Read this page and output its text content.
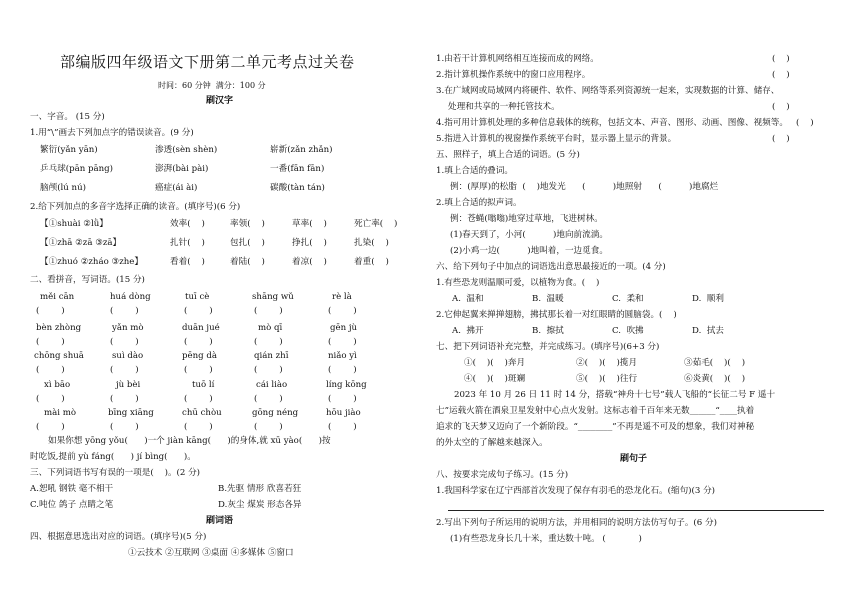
部编版四年级语文下册第二单元考点过关卷
时间：60 分钟  满分：100 分
刷汉字
一、字音。 (15 分)
1.用“\”画去下列加点字的错误读音。(9 分)
繁衍(yǎn yān)	渗透(sèn shèn)	崭新(zǎn zhǎn)
乒乓球(pān pāng)	澎湃(bài pài)	一番(fān fān)
脑颅(lú nú)	癌症(ái ài)	碳酸(tàn tán)
2.给下列加点的多音字选择正确的读音。(填序号)(6 分)
【①shuài ②lǜ】	效率(    )	率领(    )	草率(    )	死亡率(    )
【①zhā ②zā ③zā】	扎针(    )	包扎(    )	挣扎(    )	扎染(    )
【①zhuó ②zháo ③zhe】	看着(    )	着陆(    )	着凉(    )	着重(    )
二、看拼音，写词语。(15 分)
měi cān	huá dòng	tuī cè	shāng wǔ	rè là
(        )	(        )	(        )	(        )	(        )
bèn zhòng	yǎn mò	duān jué	mò qī	gēn jù
(        )	(        )	(        )	(        )	(        )
chōng shuā	suì dào	pēng dà	qián zhī	niǎo yì
(        )	(        )	(        )	(        )	(        )
xì bāo	jù bèi	tuō lí	cái liào	líng kōng
(        )	(        )	(        )	(        )	(        )
mài mò	bīng xiāng	chū chòu	gōng néng	hōu jiào
(        )	(        )	(        )	(        )	(        )
如果你想 yōng yǒu(      )一个 jiàn kāng(      )的身体,就 xū yào(      )按
时吃饭,提前 yù fáng(      ) jí bìng(      )。
三、下列词语书写有误的一项是(    )。(2 分)
A.恕吼 钢铁 毫不相干	B.先驱 情形 欣喜若狂
C.吨位 鸽子 点睛之笔	D.灰尘 煤炭 形态各异
刷词语
四、根据意思选出对应的词语。(填序号)(5 分)
①云技术 ②互联网 ③桌面 ④多媒体 ⑤窗口
1.由若干计算机网络相互连接而成的网络。	(    )
2.指计算机操作系统中的窗口应用程序。	(    )
3.在广域网或局域网内将硬件、软件、网络等系列资源统一起来，实现数据的计算、储存、
处理和共享的一种托管技术。	(    )
4.指可用计算机处理的多种信息载体的统称，包括文本、声音、图形、动画、图像、视频等。 (    )
5.指进入计算机的视窗操作系统平台时，显示器上显示的背景。	(    )
五、照样子，填上合适的词语。(5 分)
1.填上合适的叠词。
例：(厚厚)的松脂  (    )地发光      (          )地照射      (          )地腐烂
2.填上合适的拟声词。
例：苍蝇(嗡嗡)地穿过草地，飞进树林。
(1)春天到了，小河(          )地向前流淌。
(2)小鸡一边(          )地叫着，一边觅食。
六、给下列句子中加点的词语选出意思最接近的一项。(4 分)
1.有些恐龙则温顺可爱，以植物为食。(    )
A.  温和	B.  温暖	C.  柔和	D.  顺利
2.它伸起翼来掸掸翅膀，拂拭那长着一对红眼睛的圆脑袋。(    )
A.  拂开	B.  擦拭	C.  吹拂	D.  拭去
七、把下列词语补充完整，并完成练习。(填序号)(6+3 分)
①(    )(    )奔月	②(    )(    )揽月	③茹毛(    )(    )
④(    )(    )斑斓	⑤(    )(    )往行	⑥炎黄(    )(    )
2023 年 10 月 26 日 11 时 14 分，搭载“神舟十七号”载人飞船的“长征二号 F 遥十
七”运载火箭在酒泉卫星发射中心点火发射。这标志着千百年来无数______“____执着
追求的飞天梦又迈向了一个新阶段。“________”不再是遥不可及的想象，我们对神秘
的外太空的了解越来越深入。
刷句子
八、按要求完成句子练习。(15 分)
1.我国科学家在辽宁西部首次发现了保存有羽毛的恐龙化石。(缩句)(3 分)
2.写出下列句子所运用的说明方法，并用相同的说明方法仿写句子。(6 分)
(1)有些恐龙身长几十米，重达数十吨。 (            )
